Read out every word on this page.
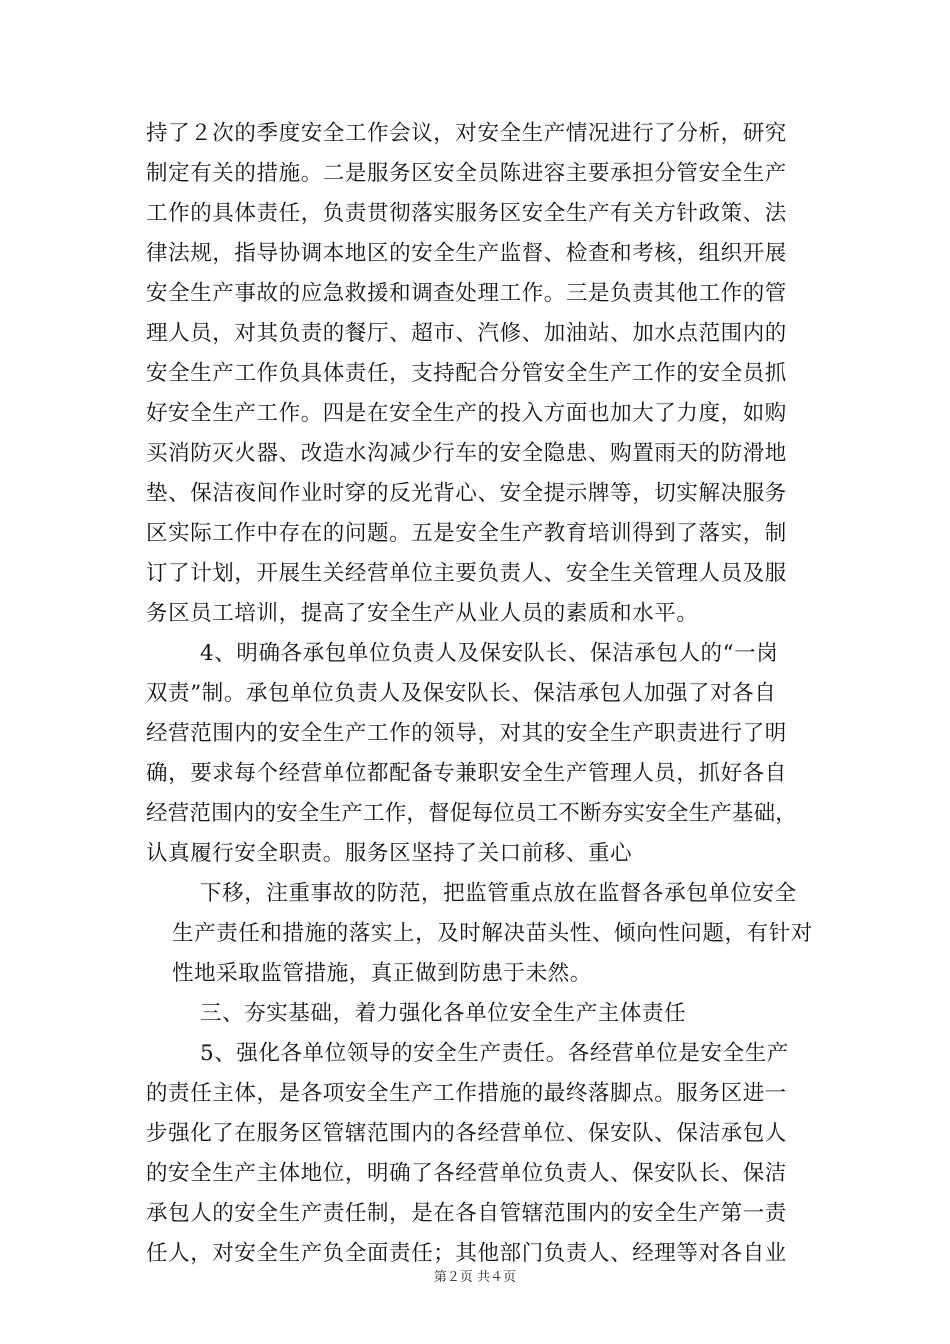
持了２次的季度安全工作会议，对安全生产情况进行了分析，研究
制定有关的措施。二是服务区安全员陈进容主要承担分管安全生产
工作的具体责任，负责贯彻落实服务区安全生产有关方针政策、法
律法规，指导协调本地区的安全生产监督、检查和考核，组织开展
安全生产事故的应急救援和调查处理工作。三是负责其他工作的管
理人员，对其负责的餐厅、超市、汽修、加油站、加水点范围内的
安全生产工作负具体责任，支持配合分管安全生产工作的安全员抓
好安全生产工作。四是在安全生产的投入方面也加大了力度，如购
买消防灭火器、改造水沟减少行车的安全隐患、购置雨天的防滑地
垫、保洁夜间作业时穿的反光背心、安全提示牌等，切实解决服务
区实际工作中存在的问题。五是安全生产教育培训得到了落实，制
订了计划，开展生关经营单位主要负责人、安全生关管理人员及服
务区员工培训，提高了安全生产从业人员的素质和水平。
4、明确各承包单位负责人及保安队长、保洁承包人的“一岗
双责”制。承包单位负责人及保安队长、保洁承包人加强了对各自
经营范围内的安全生产工作的领导，对其的安全生产职责进行了明
确，要求每个经营单位都配备专兼职安全生产管理人员，抓好各自
经营范围内的安全生产工作，督促每位员工不断夯实安全生产基础，
认真履行安全职责。服务区坚持了关口前移、重心
下移，注重事故的防范，把监管重点放在监督各承包单位安全
生产责任和措施的落实上，及时解决苗头性、倾向性问题，有针对
性地采取监管措施，真正做到防患于未然。
三、夯实基础，着力强化各单位安全生产主体责任
5、强化各单位领导的安全生产责任。各经营单位是安全生产
的责任主体，是各项安全生产工作措施的最终落脚点。服务区进一
步强化了在服务区管辖范围内的各经营单位、保安队、保洁承包人
的安全生产主体地位，明确了各经营单位负责人、保安队长、保洁
承包人的安全生产责任制，是在各自管辖范围内的安全生产第一责
任人，对安全生产负全面责任；其他部门负责人、经理等对各自业
第２页 共４页
